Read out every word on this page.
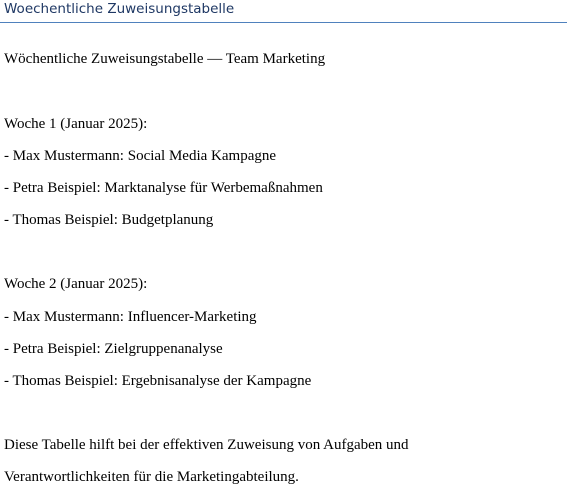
Woechentliche Zuweisungstabelle
Wöchentliche Zuweisungstabelle — Team Marketing
Woche 1 (Januar 2025):
- Max Mustermann: Social Media Kampagne
- Petra Beispiel: Marktanalyse für Werbemaßnahmen
- Thomas Beispiel: Budgetplanung
Woche 2 (Januar 2025):
- Max Mustermann: Influencer-Marketing
- Petra Beispiel: Zielgruppenanalyse
- Thomas Beispiel: Ergebnisanalyse der Kampagne
Diese Tabelle hilft bei der effektiven Zuweisung von Aufgaben und
Verantwortlichkeiten für die Marketingabteilung.
